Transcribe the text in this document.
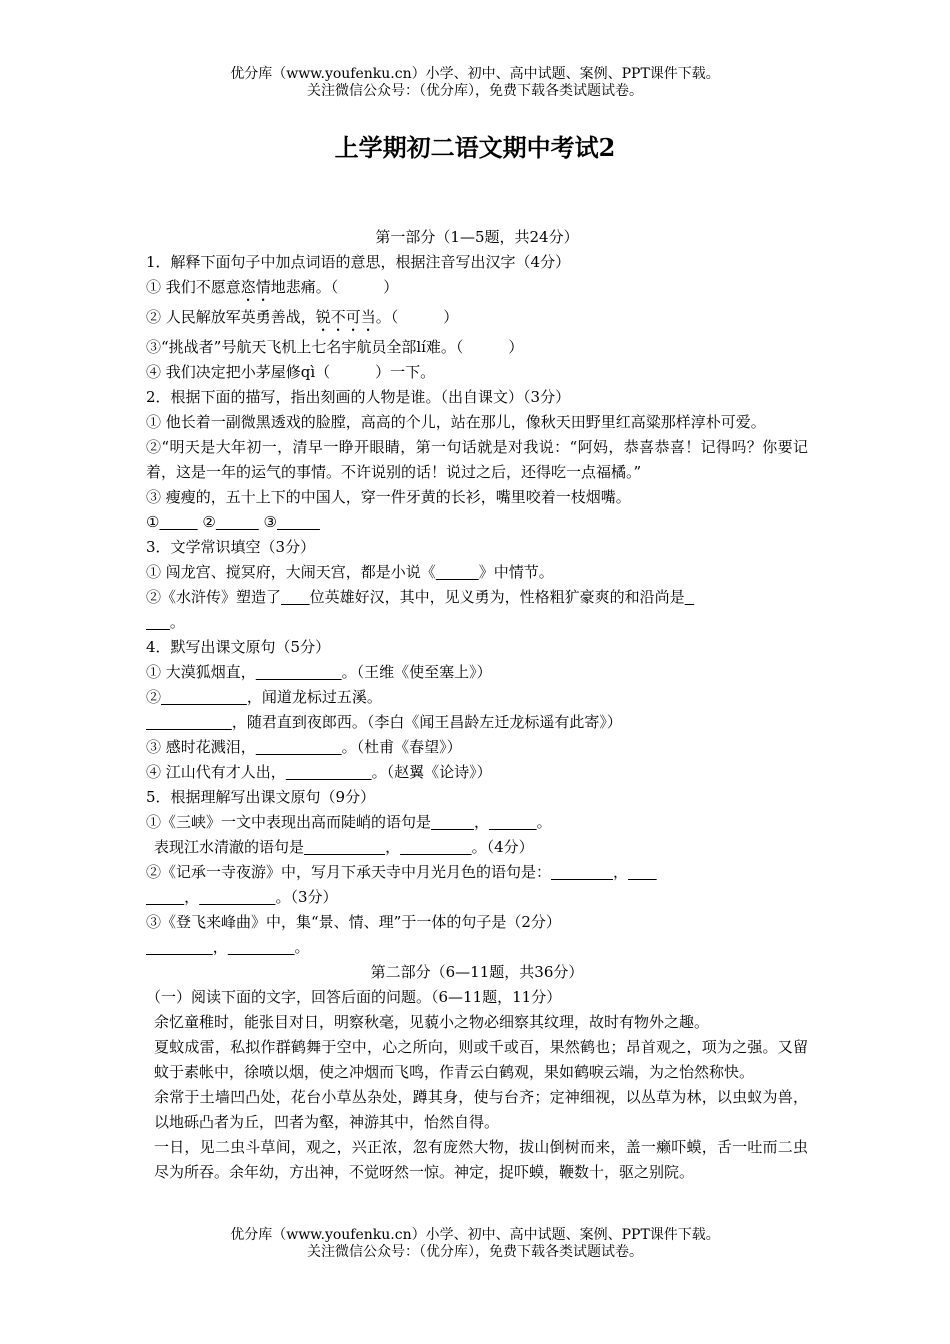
优分库（www.youfenku.cn）小学、初中、高中试题、案例、PPT课件下载。
关注微信公众号：（优分库），免费下载各类试题试卷。
上学期初二语文期中考试2
第一部分（1—5题，共24分）
1．解释下面句子中加点词语的意思，根据注音写出汉字（4分）
① 我们不愿意恣情地悲痛。（　　　）
② 人民解放军英勇善战，锐不可当。（　　　）
③“挑战者”号航天飞机上七名宇航员全部lí难。（　　　）
④ 我们决定把小茅屋修qì（　　　）一下。
2．根据下面的描写，指出刻画的人物是谁。（出自课文）（3分）
① 他长着一副微黑透戏的脸膛，高高的个儿，站在那儿，像秋天田野里红高粱那样淳朴可爱。
②“明天是大年初一，清早一睁开眼睛，第一句话就是对我说：“阿妈，恭喜恭喜！记得吗？你要记着，这是一年的运气的事情。不许说别的话！说过之后，还得吃一点福橘。”
③ 瘦瘦的，五十上下的中国人，穿一件牙黄的长衫，嘴里咬着一枝烟嘴。
①	②	③
3．文学常识填空（3分）
① 闯龙宫、搅冥府，大闹天宫，都是小说《	》中情节。
②《水浒传》塑造了 位英雄好汉，其中，见义勇为，性格粗犷豪爽的和沿尚是
。
4．默写出课文原句（5分）
① 大漠狐烟直，	。（王维《使至塞上》）
②	，闻道龙标过五溪。
，随君直到夜郎西。（李白《闻王昌龄左迁龙标遥有此寄》）
③ 感时花溅泪，	。（杜甫《春望》）
④ 江山代有才人出，	。（赵翼《论诗》）
5．根据理解写出课文原句（9分）
①《三峡》一文中表现出高而陡峭的语句是	，	。
表现江水清澈的语句是	，	。（4分）
②《记承一寺夜游》中，写月下承天寺中月光月色的语句是：	，
，	。（3分）
③《登飞来峰曲》中，集“景、情、理”于一体的句子是（2分）
，	。
第二部分（6—11题，共36分）
（一）阅读下面的文字，回答后面的问题。（6—11题，11分）
余忆童稚时，能张目对日，明察秋毫，见藐小之物必细察其纹理，故时有物外之趣。
夏蚊成雷，私拟作群鹤舞于空中，心之所向，则或千或百，果然鹤也；昂首观之，项为之强。又留蚊于素帐中，徐喷以烟，使之冲烟而飞鸣，作青云白鹤观，果如鹤唳云端，为之怡然称快。
余常于土墙凹凸处，花台小草丛杂处，蹲其身，使与台齐；定神细视，以丛草为林，以虫蚁为兽，以地砾凸者为丘，凹者为壑，神游其中，怡然自得。
一日，见二虫斗草间，观之，兴正浓，忽有庞然大物，拔山倒树而来，盖一癞吓蟆，舌一吐而二虫尽为所吞。余年幼，方出神，不觉呀然一惊。神定，捉吓蟆，鞭数十，驱之别院。
优分库（www.youfenku.cn）小学、初中、高中试题、案例、PPT课件下载。
关注微信公众号：（优分库），免费下载各类试题试卷。
